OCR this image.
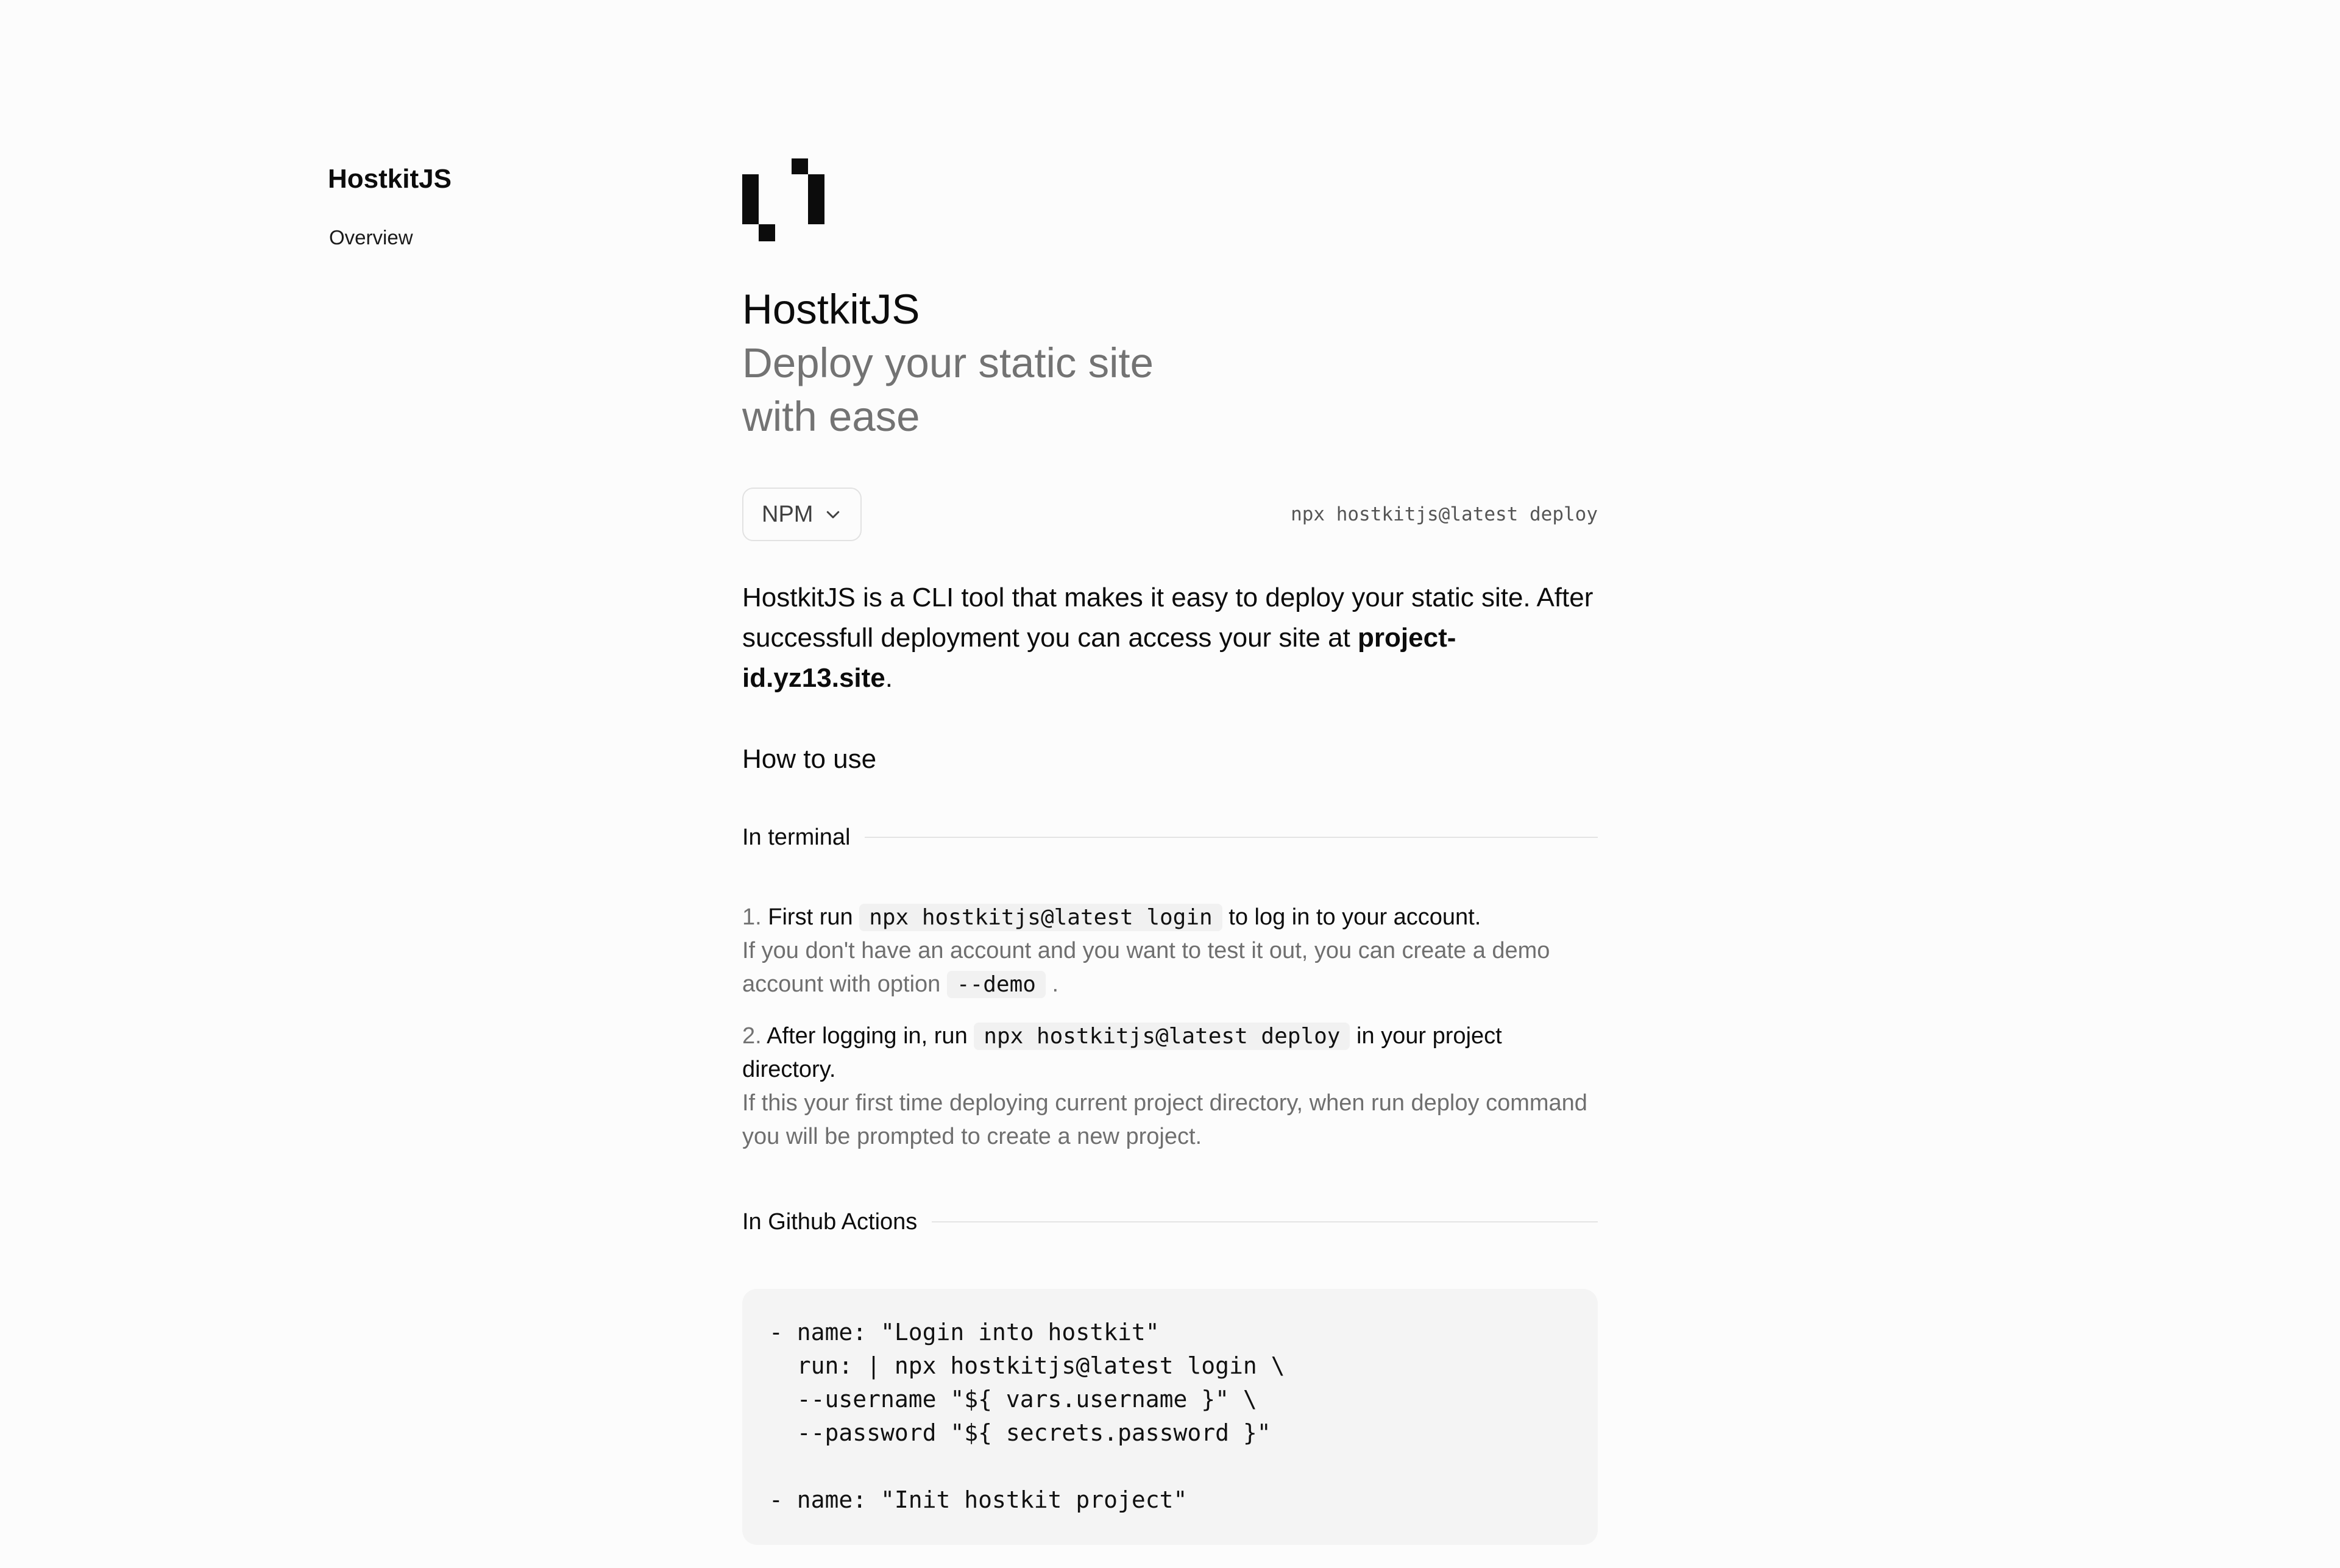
HostkitJS
Overview
HostkitJS
Deploy your static site with ease
NPM	npx hostkitjs@latest deploy

HostkitJS is a CLI tool that makes it easy to deploy your static site. After successfull deployment you can access your site at project-id.yz13.site.

How to use
In terminal
1. First run npx hostkitjs@latest login to log in to your account.
If you don't have an account and you want to test it out, you can create a demo account with option --demo .
2. After logging in, run npx hostkitjs@latest deploy in your project directory.
If this your first time deploying current project directory, when run deploy command you will be prompted to create a new project.
In Github Actions
- name: "Login into hostkit"
run: | npx hostkitjs@latest login \
--username "${ vars.username }" \
--password "${ secrets.password }"

- name: "Init hostkit project"
